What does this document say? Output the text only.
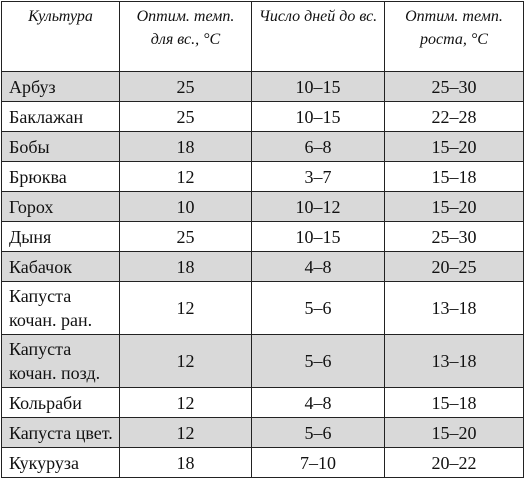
Культура	Оптим. темп. для вс., °С	Число дней до вс.	Оптим. темп. роста, °С
Арбуз	25	10–15	25–30
Баклажан	25	10–15	22–28
Бобы	18	6–8	15–20
Брюква	12	3–7	15–18
Горох	10	10–12	15–20
Дыня	25	10–15	25–30
Кабачок	18	4–8	20–25
Капуста кочан. ран.	12	5–6	13–18
Капуста кочан. позд.	12	5–6	13–18
Кольраби	12	4–8	15–18
Капуста цвет.	12	5–6	15–20
Кукуруза	18	7–10	20–22
